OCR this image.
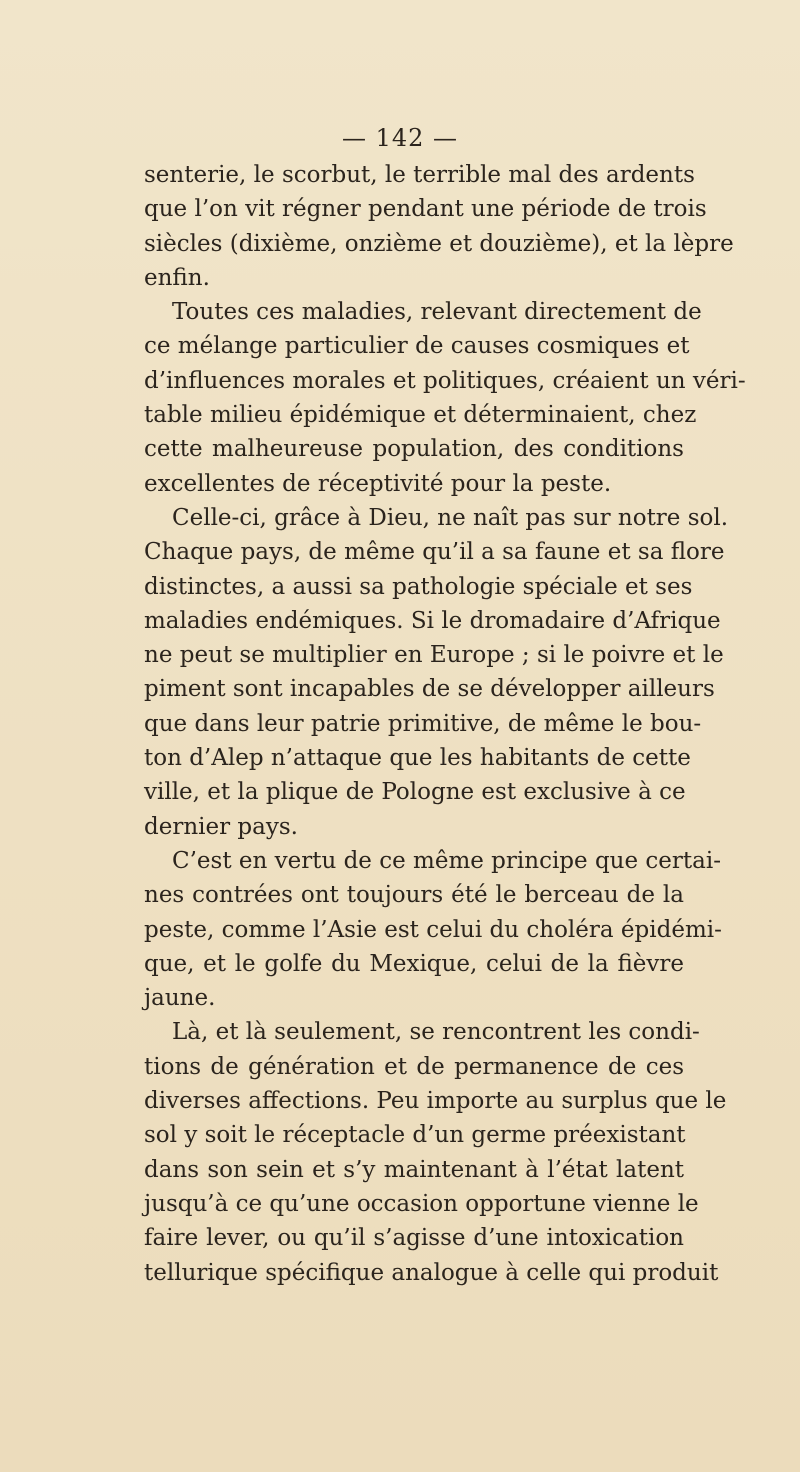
— 142 —
senterie, le scorbut, le terrible mal des ardents
que l’on vit régner pendant une période de trois
siècles (dixième, onzième et douzième), et la lèpre
enfin.
Toutes ces maladies, relevant directement de
ce mélange particulier de causes cosmiques et
d’influences morales et politiques, créaient un véri-
table milieu épidémique et déterminaient, chez
cette malheureuse population, des conditions
excellentes de réceptivité pour la peste.
Celle-ci, grâce à Dieu, ne naît pas sur notre sol.
Chaque pays, de même qu’il a sa faune et sa flore
distinctes, a aussi sa pathologie spéciale et ses
maladies endémiques. Si le dromadaire d’Afrique
ne peut se multiplier en Europe ; si le poivre et le
piment sont incapables de se développer ailleurs
que dans leur patrie primitive, de même le bou-
ton d’Alep n’attaque que les habitants de cette
ville, et la plique de Pologne est exclusive à ce
dernier pays.
C’est en vertu de ce même principe que certai-
nes contrées ont toujours été le berceau de la
peste, comme l’Asie est celui du choléra épidémi-
que, et le golfe du Mexique, celui de la fièvre
jaune.
Là, et là seulement, se rencontrent les condi-
tions de génération et de permanence de ces
diverses affections. Peu importe au surplus que le
sol y soit le réceptacle d’un germe préexistant
dans son sein et s’y maintenant à l’état latent
jusqu’à ce qu’une occasion opportune vienne le
faire lever, ou qu’il s’agisse d’une intoxication
tellurique spécifique analogue à celle qui produit
